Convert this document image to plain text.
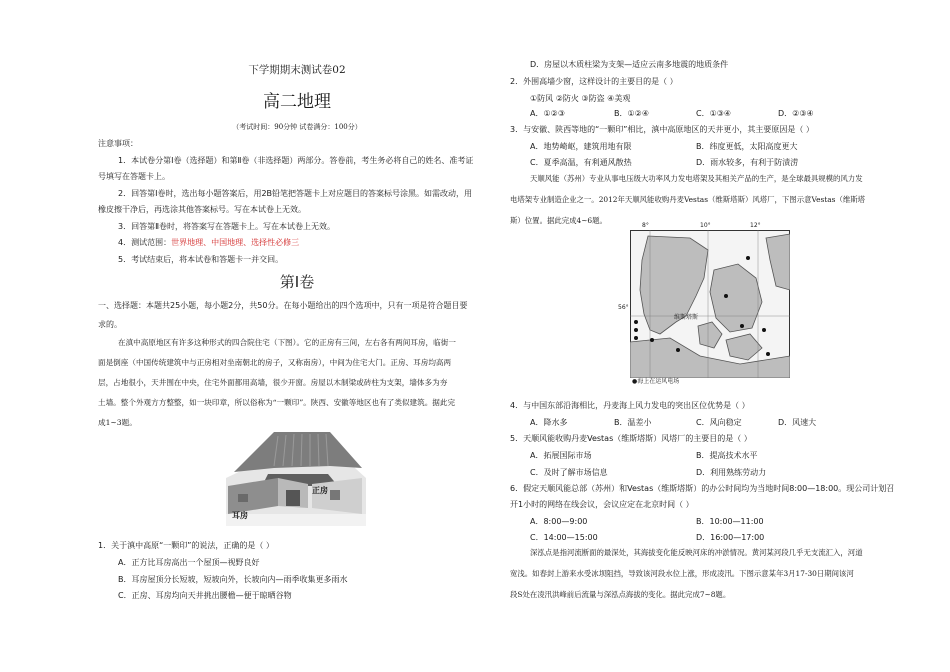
下学期期末测试卷02
高二地理
（考试时间：90分钟 试卷满分：100分）
注意事项：
1．本试卷分第Ⅰ卷（选择题）和第Ⅱ卷（非选择题）两部分。答卷前，考生务必将自己的姓名、准考证
号填写在答题卡上。
2．回答第Ⅰ卷时，选出每小题答案后，用2B铅笔把答题卡上对应题目的答案标号涂黑。如需改动，用
橡皮擦干净后，再选涂其他答案标号。写在本试卷上无效。
3．回答第Ⅱ卷时，将答案写在答题卡上。写在本试卷上无效。
4．测试范围：世界地理、中国地理、选择性必修三
5．考试结束后，将本试卷和答题卡一并交回。
第Ⅰ卷
一、选择题：本题共25小题，每小题2分，共50分。在每小题给出的四个选项中，只有一项是符合题目要
求的。
在滇中高原地区有许多这种形式的四合院住宅（下图）。它的正房有三间，左右各有两间耳房，临街一
面是倒座（中国传统建筑中与正房相对坐南朝北的房子，又称南房），中间为住宅大门。正房、耳房均高两
层，占地很小，天井围在中央，住宅外面都用高墙，很少开窗。房屋以木制梁或砖柱为支架，墙体多为夯
土墙。整个外观方方整整，如一块印章，所以俗称为“一颗印”。陕西、安徽等地区也有了类似建筑。据此完
成1~3题。
正房
耳房
1．关于滇中高原“一颗印”的说法，正确的是（ ）
A．正方比耳房高出一个屋顶—视野良好
B．耳房屋顶分长短坡，短坡向外，长坡向内—雨季收集更多雨水
C．正房、耳房均向天井挑出腰檐—便于晾晒谷物
D．房屋以木质柱梁为支架—适应云南多地震的地质条件
2．外围高墙少窗，这样设计的主要目的是（ ）
①防风 ②防火 ③防盗 ④美观
A．①②③	B．①②④	C．①③④	D．②③④
3．与安徽、陕西等地的“一颗印”相比，滇中高原地区的天井更小，其主要原因是（ ）
A．地势崎岖，建筑用地有限	B．纬度更低，太阳高度更大
C．夏季高温，有利通风散热	D．雨水较多，有利于防渍涝
天顺风能（苏州）专业从事电压级大功率风力发电塔架及其相关产品的生产，是全球最具规模的风力发
电塔架专业制造企业之一。2012年天顺风能收购丹麦Vestas（维斯塔斯）风塔厂，下图示意Vestas（维斯塔
斯）位置。据此完成4~6题。
8°	10°	12°
56°
维斯塔斯
●海上在运风电场
4．与中国东部沿海相比，丹麦海上风力发电的突出区位优势是（ ）
A．降水多	B．温差小	C．风向稳定	D．风速大
5．天顺风能收购丹麦Vestas（维斯塔斯）风塔厂的主要目的是（ ）
A．拓展国际市场	B．提高技术水平
C．及时了解市场信息	D．利用熟练劳动力
6．假定天顺风能总部（苏州）和Vestas（维斯塔斯）的办公时间均为当地时间8:00—18:00。现公司计划召
开1小时的网络在线会议，会议应定在北京时间（ ）
A．8:00—9:00	B．10:00—11:00
C．14:00—15:00	D．16:00—17:00
深泓点是指河流断面的最深处，其海拔变化能反映河床的冲淤情况。黄河某河段几乎无支流汇入，河道
宽浅。如春封上游来水受冰坝阻挡，导致该河段水位上涨，形成凌汛。下图示意某年3月17-30日期间该河
段S处在凌汛洪峰前后流量与深泓点海拔的变化。据此完成7~8题。
